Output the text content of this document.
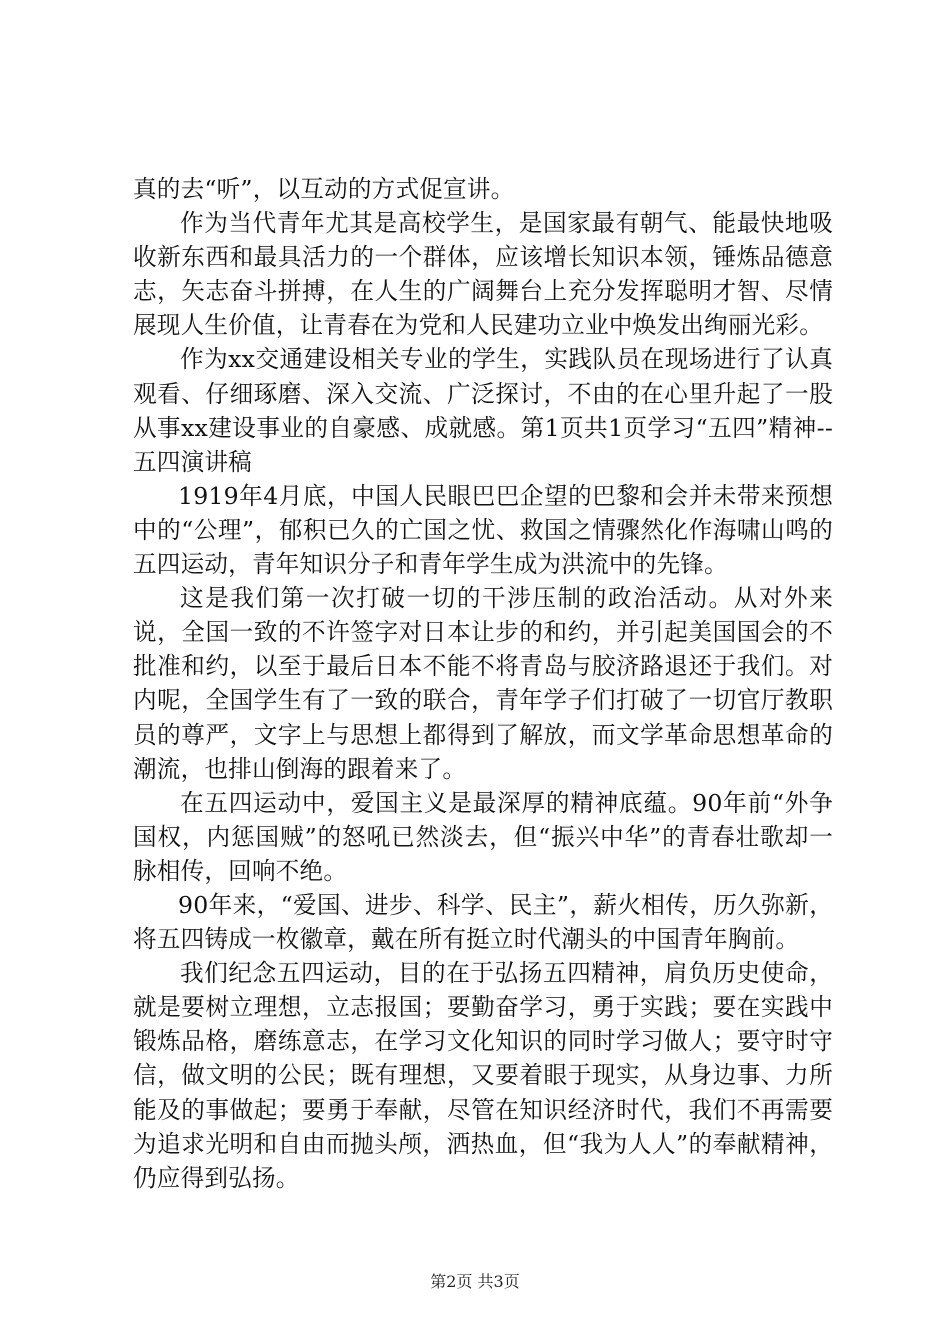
真的去“听”，以互动的方式促宣讲。

作为当代青年尤其是高校学生，是国家最有朝气、能最快地吸收新东西和最具活力的一个群体，应该增长知识本领，锤炼品德意志，矢志奋斗拼搏，在人生的广阔舞台上充分发挥聪明才智、尽情展现人生价值，让青春在为党和人民建功立业中焕发出绚丽光彩。

作为xx交通建设相关专业的学生，实践队员在现场进行了认真观看、仔细琢磨、深入交流、广泛探讨，不由的在心里升起了一股从事xx建设事业的自豪感、成就感。第1页共1页学习“五四”精神--五四演讲稿

1919年4月底，中国人民眼巴巴企望的巴黎和会并未带来预想中的“公理”，郁积已久的亡国之忧、救国之情骤然化作海啸山鸣的五四运动，青年知识分子和青年学生成为洪流中的先锋。

这是我们第一次打破一切的干涉压制的政治活动。从对外来说，全国一致的不许签字对日本让步的和约，并引起美国国会的不批准和约，以至于最后日本不能不将青岛与胶济路退还于我们。对内呢，全国学生有了一致的联合，青年学子们打破了一切官厅教职员的尊严，文字上与思想上都得到了解放，而文学革命思想革命的潮流，也排山倒海的跟着来了。

在五四运动中，爱国主义是最深厚的精神底蕴。90年前“外争国权，内惩国贼”的怒吼已然淡去，但“振兴中华”的青春壮歌却一脉相传，回响不绝。

90年来，“爱国、进步、科学、民主”，薪火相传，历久弥新，将五四铸成一枚徽章，戴在所有挺立时代潮头的中国青年胸前。

我们纪念五四运动，目的在于弘扬五四精神，肩负历史使命，就是要树立理想，立志报国；要勤奋学习，勇于实践；要在实践中锻炼品格，磨练意志，在学习文化知识的同时学习做人；要守时守信，做文明的公民；既有理想，又要着眼于现实，从身边事、力所能及的事做起；要勇于奉献，尽管在知识经济时代，我们不再需要为追求光明和自由而抛头颅，洒热血，但“我为人人”的奉献精神，仍应得到弘扬。

第2页 共3页
